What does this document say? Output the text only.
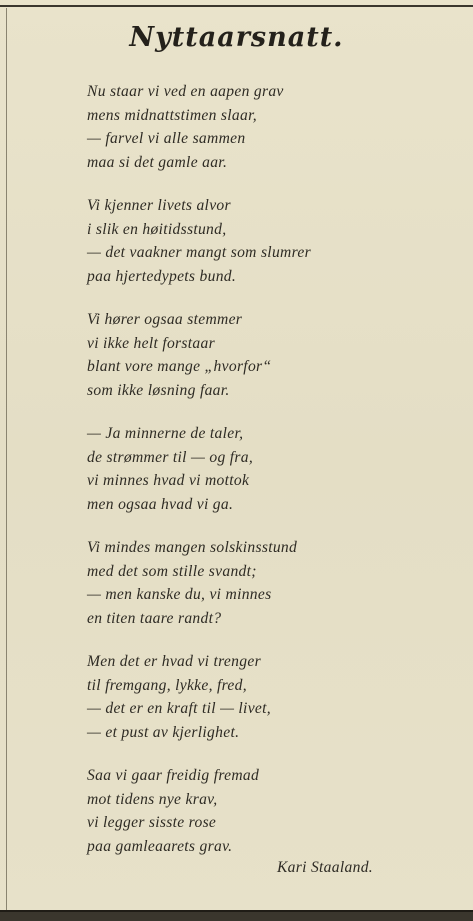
Nyttaarsnatt.
Nu staar vi ved en aapen grav
mens midnattstimen slaar,
— farvel vi alle sammen
maa si det gamle aar.
Vi kjenner livets alvor
i slik en høitidsstund,
— det vaakner mangt som slumrer
paa hjertedypets bund.
Vi hører ogsaa stemmer
vi ikke helt forstaar
blant vore mange „hvorfor“
som ikke løsning faar.
— Ja minnerne de taler,
de strømmer til — og fra,
vi minnes hvad vi mottok
men ogsaa hvad vi ga.
Vi mindes mangen solskinsstund
med det som stille svandt;
— men kanske du, vi minnes
en titen taare randt?
Men det er hvad vi trenger
til fremgang, lykke, fred,
— det er en kraft til — livet,
— et pust av kjerlighet.
Saa vi gaar freidig fremad
mot tidens nye krav,
vi legger sisste rose
paa gamleaarets grav.
Kari Staaland.
